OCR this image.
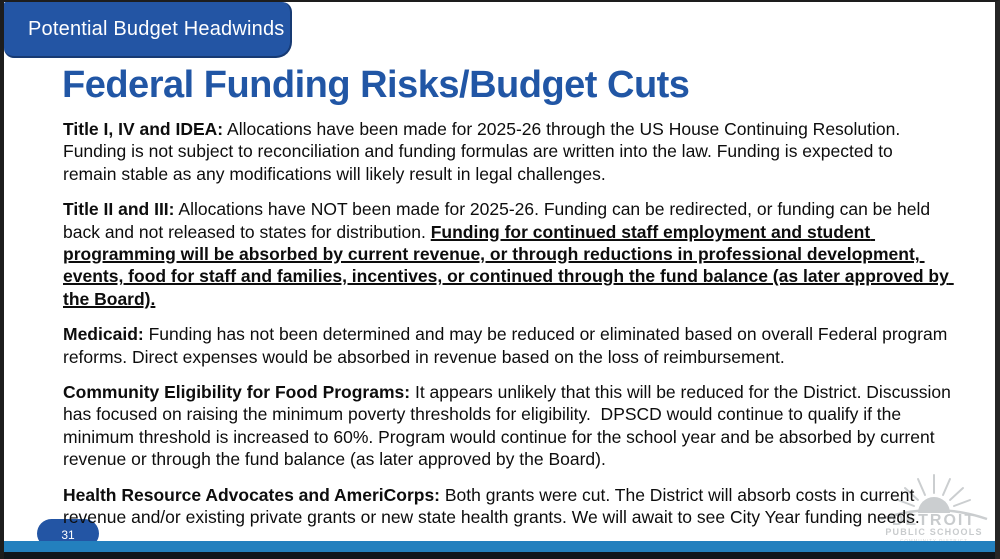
Potential Budget Headwinds
Federal Funding Risks/Budget Cuts

Title I, IV and IDEA: Allocations have been made for 2025-26 through the US House Continuing Resolution.  Funding is not subject to reconciliation and funding formulas are written into the law. Funding is expected to remain stable as any modifications will likely result in legal challenges.

Title II and III: Allocations have NOT been made for 2025-26. Funding can be redirected, or funding can be held back and not released to states for distribution. Funding for continued staff employment and student programming will be absorbed by current revenue, or through reductions in professional development, events, food for staff and families, incentives, or continued through the fund balance (as later approved by the Board).

Medicaid: Funding has not been determined and may be reduced or eliminated based on overall Federal program reforms. Direct expenses would be absorbed in revenue based on the loss of reimbursement.

Community Eligibility for Food Programs: It appears unlikely that this will be reduced for the District. Discussion has focused on raising the minimum poverty thresholds for eligibility.  DPSCD would continue to qualify if the minimum threshold is increased to 60%. Program would continue for the school year and be absorbed by current revenue or through the fund balance (as later approved by the Board).

Health Resource Advocates and AmeriCorps: Both grants were cut. The District will absorb costs in current revenue and/or existing private grants or new state health grants. We will await to see City Year funding needs.

31
DETROIT
PUBLIC SCHOOLS
